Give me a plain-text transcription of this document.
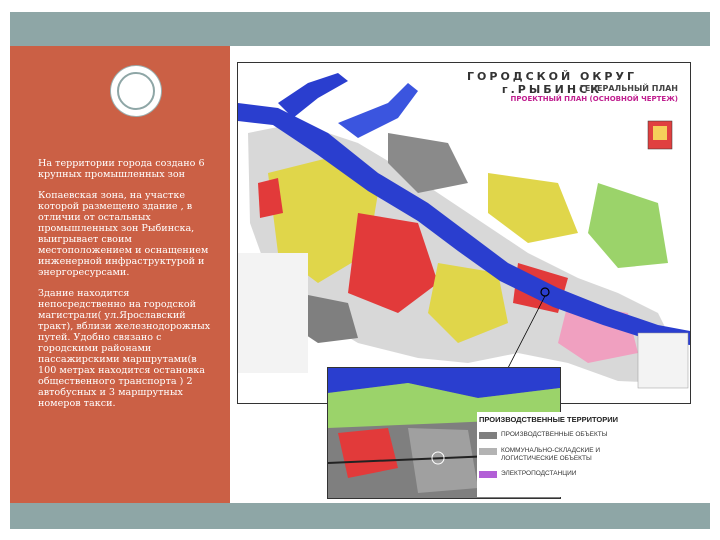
На территории города создано 6 крупных промышленных зон

Копаевская зона, на участке которой размещено здание , в отличии от остальных промышленных зон Рыбинска, выигрывает своим местоположением и оснащением инженерной инфраструктурой и энергоресурсами.

Здание находится непосредственно на городской магистрали( ул.Ярославский тракт), вблизи железнодорожных путей. Удобно связано с городскими районами пассажирскими маршрутами(в 100 метрах находится остановка общественного транспорта ) 2 автобусных и 3 маршрутных номеров такси.

ГОРОДСКОЙ ОКРУГ г.РЫБИНСК
ГЕНЕРАЛЬНЫЙ ПЛАН
ПРОЕКТНЫЙ ПЛАН (ОСНОВНОЙ ЧЕРТЕЖ)
ПРОИЗВОДСТВЕННЫЕ ТЕРРИТОРИИ
ПРОИЗВОДСТВЕННЫЕ ОБЪЕКТЫ
КОММУНАЛЬНО-СКЛАДСКИЕ И ЛОГИСТИЧЕСКИЕ ОБЪЕКТЫ
ЭЛЕКТРОПОДСТАНЦИИ
